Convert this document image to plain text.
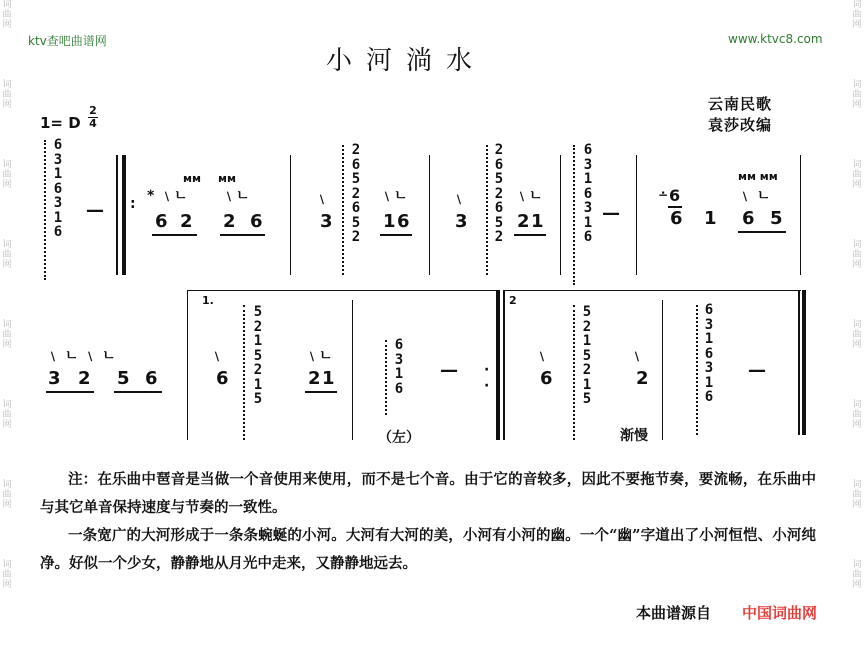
词曲网
词曲网
词曲网
词曲网
词曲网
词曲网
词曲网
词曲网
词曲网
词曲网
词曲网
词曲网
词曲网
词曲网
词曲网
词曲网
ktv查吧曲谱网	www.ktvc8.com
小河淌水
云南民歌
袁莎改编
1= D
2
4
6
3
1
6
3
1
6
— : * ﹨ㄴ ﹨ㄴ
ᴍᴍ ᴍᴍ
6 2 2 6
2
6
5
2
6
5
2
﹨	﹨ㄴ
3	1 6
2
6
5
2
6
5
2
﹨	﹨ㄴ
3	2 1
6
3
1
6
3
1
6
—
∸ 6
6 1
ᴍᴍ ᴍᴍ
﹨ ㄴ
6 5
﹨ ㄴ ﹨ ㄴ
3 2 5 6
1.
﹨
6
5
2
1
5
2
1
5
﹨ㄴ
2 1
6
3
1
6
—
（左）
·
·
2
﹨
6
5
2
1
5
2
1
5
﹨
2
渐慢
6
3
1
6
3
1
6
—
注：在乐曲中琶音是当做一个音使用来使用，而不是七个音。由于它的音较多，因此不要拖节奏，要流畅，在乐曲中与其它单音保持速度与节奏的一致性。
一条宽广的大河形成于一条条蜿蜒的小河。大河有大河的美，小河有小河的幽。一个“幽”字道出了小河恒恺、小河纯净。好似一个少女，静静地从月光中走来，又静静地远去。
本曲谱源自 中国词曲网
